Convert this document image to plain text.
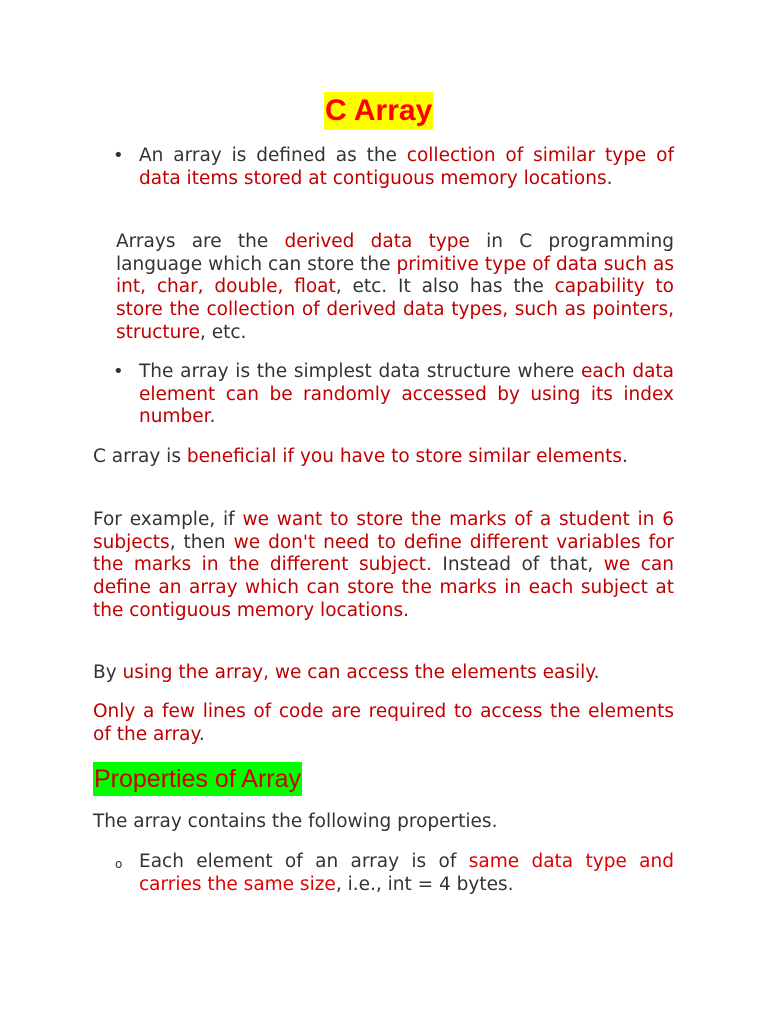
C Array
• An array is defined as the collection of similar type of data items stored at contiguous memory locations.

Arrays are the derived data type in C programming language which can store the primitive type of data such as int, char, double, float, etc. It also has the capability to store the collection of derived data types, such as pointers, structure, etc.

• The array is the simplest data structure where each data element can be randomly accessed by using its index number.

C array is beneficial if you have to store similar elements.

For example, if we want to store the marks of a student in 6 subjects, then we don't need to define different variables for the marks in the different subject. Instead of that, we can define an array which can store the marks in each subject at the contiguous memory locations.

By using the array, we can access the elements easily.

Only a few lines of code are required to access the elements of the array.

Properties of Array

The array contains the following properties.

o Each element of an array is of same data type and carries the same size, i.e., int = 4 bytes.
